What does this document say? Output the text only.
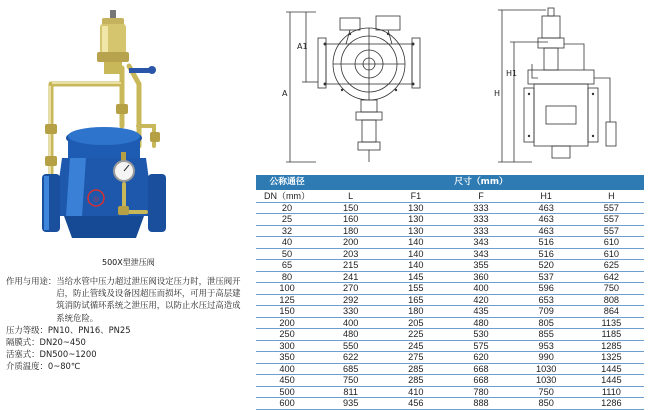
◎
500X型泄压阀
作用与用途： 当给水管中压力超过泄压阀设定压力时，泄压阀开启，防止管线及设备因超压而损坏，可用于高层建筑消防试循环系统之泄压用，以防止水压过高造成系统危险。
压力等级： PN10、PN16、PN25
隔膜式： DN20~450
活塞式： DN500~1200
介质温度： 0~80℃
A
A1
H
H1
公称通径	尺寸（mm）				
DN（mm）	L	F1	F	H1	H
20	150	130	333	463	557
25	160	130	333	463	557
32	180	130	333	463	557
40	200	140	343	516	610
50	203	140	343	516	610
65	215	140	355	520	625
80	241	145	360	537	642
100	270	155	400	596	750
125	292	165	420	653	808
150	330	180	435	709	864
200	400	205	480	805	1135
250	480	225	530	855	1185
300	550	245	575	953	1285
350	622	275	620	990	1325
400	685	285	668	1030	1445
450	750	285	668	1030	1445
500	811	410	780	750	1110
600	935	456	888	850	1286
